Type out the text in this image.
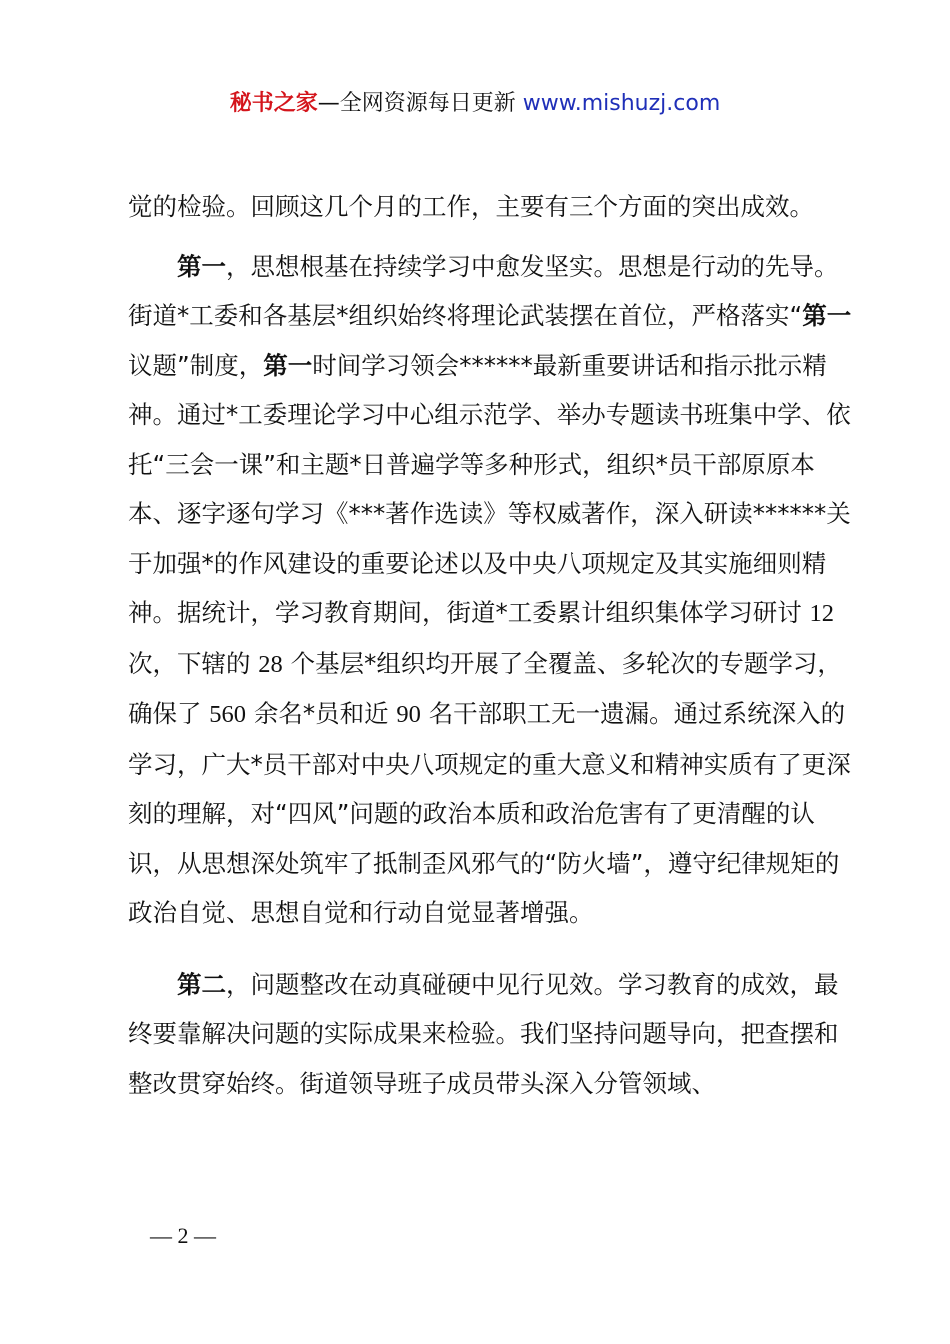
秘书之家—全网资源每日更新 www.mishuzj.com

觉的检验。回顾这几个月的工作，主要有三个方面的突出成效。

第一，思想根基在持续学习中愈发坚实。思想是行动的先导。街道*工委和各基层*组织始终将理论武装摆在首位，严格落实“第一议题”制度，第一时间学习领会******最新重要讲话和指示批示精神。通过*工委理论学习中心组示范学、举办专题读书班集中学、依托“三会一课”和主题*日普遍学等多种形式，组织*员干部原原本本、逐字逐句学习《***著作选读》等权威著作，深入研读******关于加强*的作风建设的重要论述以及中央八项规定及其实施细则精神。据统计，学习教育期间，街道*工委累计组织集体学习研讨 12 次，下辖的 28 个基层*组织均开展了全覆盖、多轮次的专题学习，确保了 560 余名*员和近 90 名干部职工无一遗漏。通过系统深入的学习，广大*员干部对中央八项规定的重大意义和精神实质有了更深刻的理解，对“四风”问题的政治本质和政治危害有了更清醒的认识，从思想深处筑牢了抵制歪风邪气的“防火墙”，遵守纪律规矩的政治自觉、思想自觉和行动自觉显著增强。

第二，问题整改在动真碰硬中见行见效。学习教育的成效，最终要靠解决问题的实际成果来检验。我们坚持问题导向，把查摆和整改贯穿始终。街道领导班子成员带头深入分管领域、

— 2 —
